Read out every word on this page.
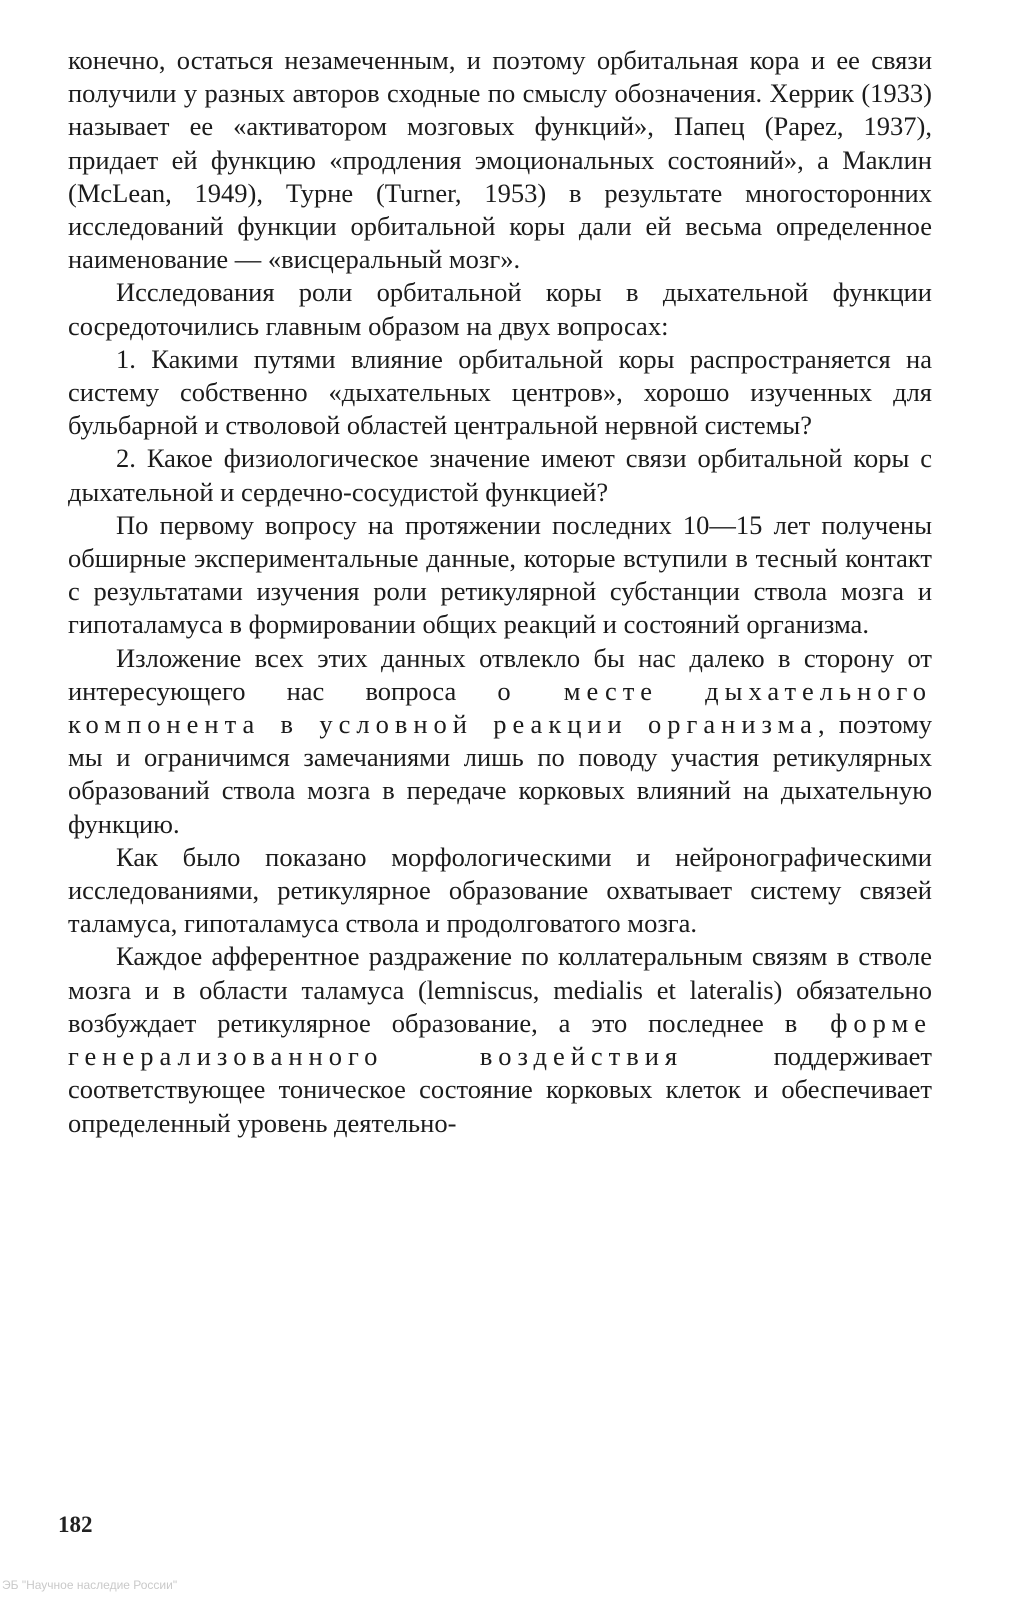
конечно, остаться незамеченным, и поэтому орбитальная кора и ее связи получили у разных авторов сходные по смыслу обозначения. Херрик (1933) называет ее «активатором мозговых функций», Папец (Papez, 1937), придает ей функцию «продления эмоциональных состояний», а Маклин (McLean, 1949), Турне (Turner, 1953) в результате многосторонних исследований функции орбитальной коры дали ей весьма определенное наименование — «висцеральный мозг».

Исследования роли орбитальной коры в дыхательной функции сосредоточились главным образом на двух вопросах:

1. Какими путями влияние орбитальной коры распространяется на систему собственно «дыхательных центров», хорошо изученных для бульбарной и стволовой областей центральной нервной системы?

2. Какое физиологическое значение имеют связи орбитальной коры с дыхательной и сердечно-сосудистой функцией?

По первому вопросу на протяжении последних 10—15 лет получены обширные экспериментальные данные, которые вступили в тесный контакт с результатами изучения роли ретикулярной субстанции ствола мозга и гипоталамуса в формировании общих реакций и состояний организма.

Изложение всех этих данных отвлекло бы нас далеко в сторону от интересующего нас вопроса о месте дыхательного компонента в условной реакции организма, поэтому мы и ограничимся замечаниями лишь по поводу участия ретикулярных образований ствола мозга в передаче корковых влияний на дыхательную функцию.

Как было показано морфологическими и нейронографическими исследованиями, ретикулярное образование охватывает систему связей таламуса, гипоталамуса ствола и продолговатого мозга.

Каждое афферентное раздражение по коллатеральным связям в стволе мозга и в области таламуса (lemniscus, medialis et lateralis) обязательно возбуждает ретикулярное образование, а это последнее в форме генерализованного воздействия поддерживает соответствующее тоническое состояние корковых клеток и обеспечивает определенный уровень деятельно-

182
ЭБ "Научное наследие России"
